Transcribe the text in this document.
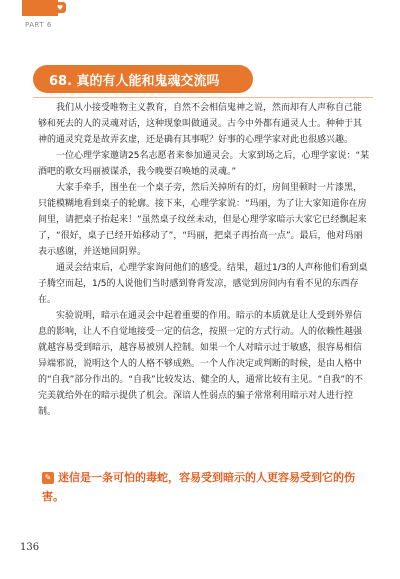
♥
PART 6
68. 真的有人能和鬼魂交流吗

我们从小接受唯物主义教育，自然不会相信鬼神之说，然而却有人声称自己能够和死去的人的灵魂对话，这种现象叫做通灵。古今中外都有通灵人士。种种于其神的通灵究竟是故弄玄虚，还是确有其事呢？好事的心理学家对此也很感兴趣。

一位心理学家邀请25名志愿者来参加通灵会。大家到场之后，心理学家说：“某酒吧的歌女玛丽被谋杀，我今晚要召唤她的灵魂。”

大家手牵手，围坐在一个桌子旁，然后关掉所有的灯，房间里顿时一片漆黑，只能模糊地看到桌子的轮廓。接下来，心理学家说：“玛丽，为了让大家知道你在房间里，请把桌子抬起来！”虽然桌子纹丝未动，但是心理学家暗示大家它已经飘起来了，“很好，桌子已经开始移动了”，“玛丽，把桌子再抬高一点”。最后，他对玛丽表示感谢，并送她回阴界。

通灵会结束后，心理学家询问他们的感受。结果，超过1/3的人声称他们看到桌子腾空而起，1/5的人说他们当时感到脊背发凉，感觉到房间内有看不见的东西存在。

实验说明，暗示在通灵会中起着重要的作用。暗示的本质就是让人受到外界信息的影响，让人不自觉地接受一定的信念，按照一定的方式行动。人的依赖性越强就越容易受到暗示，越容易被别人控制。如果一个人对暗示过于敏感，很容易相信异端邪说，说明这个人的人格不够成熟。一个人作决定或判断的时候，是由人格中的“自我”部分作出的。“自我”比较发达、健全的人，通常比较有主见。“自我”的不完美就给外在的暗示提供了机会。深谙人性弱点的骗子常常利用暗示对人进行控制。

✎ 迷信是一条可怕的毒蛇，容易受到暗示的人更容易受到它的伤害。
136
